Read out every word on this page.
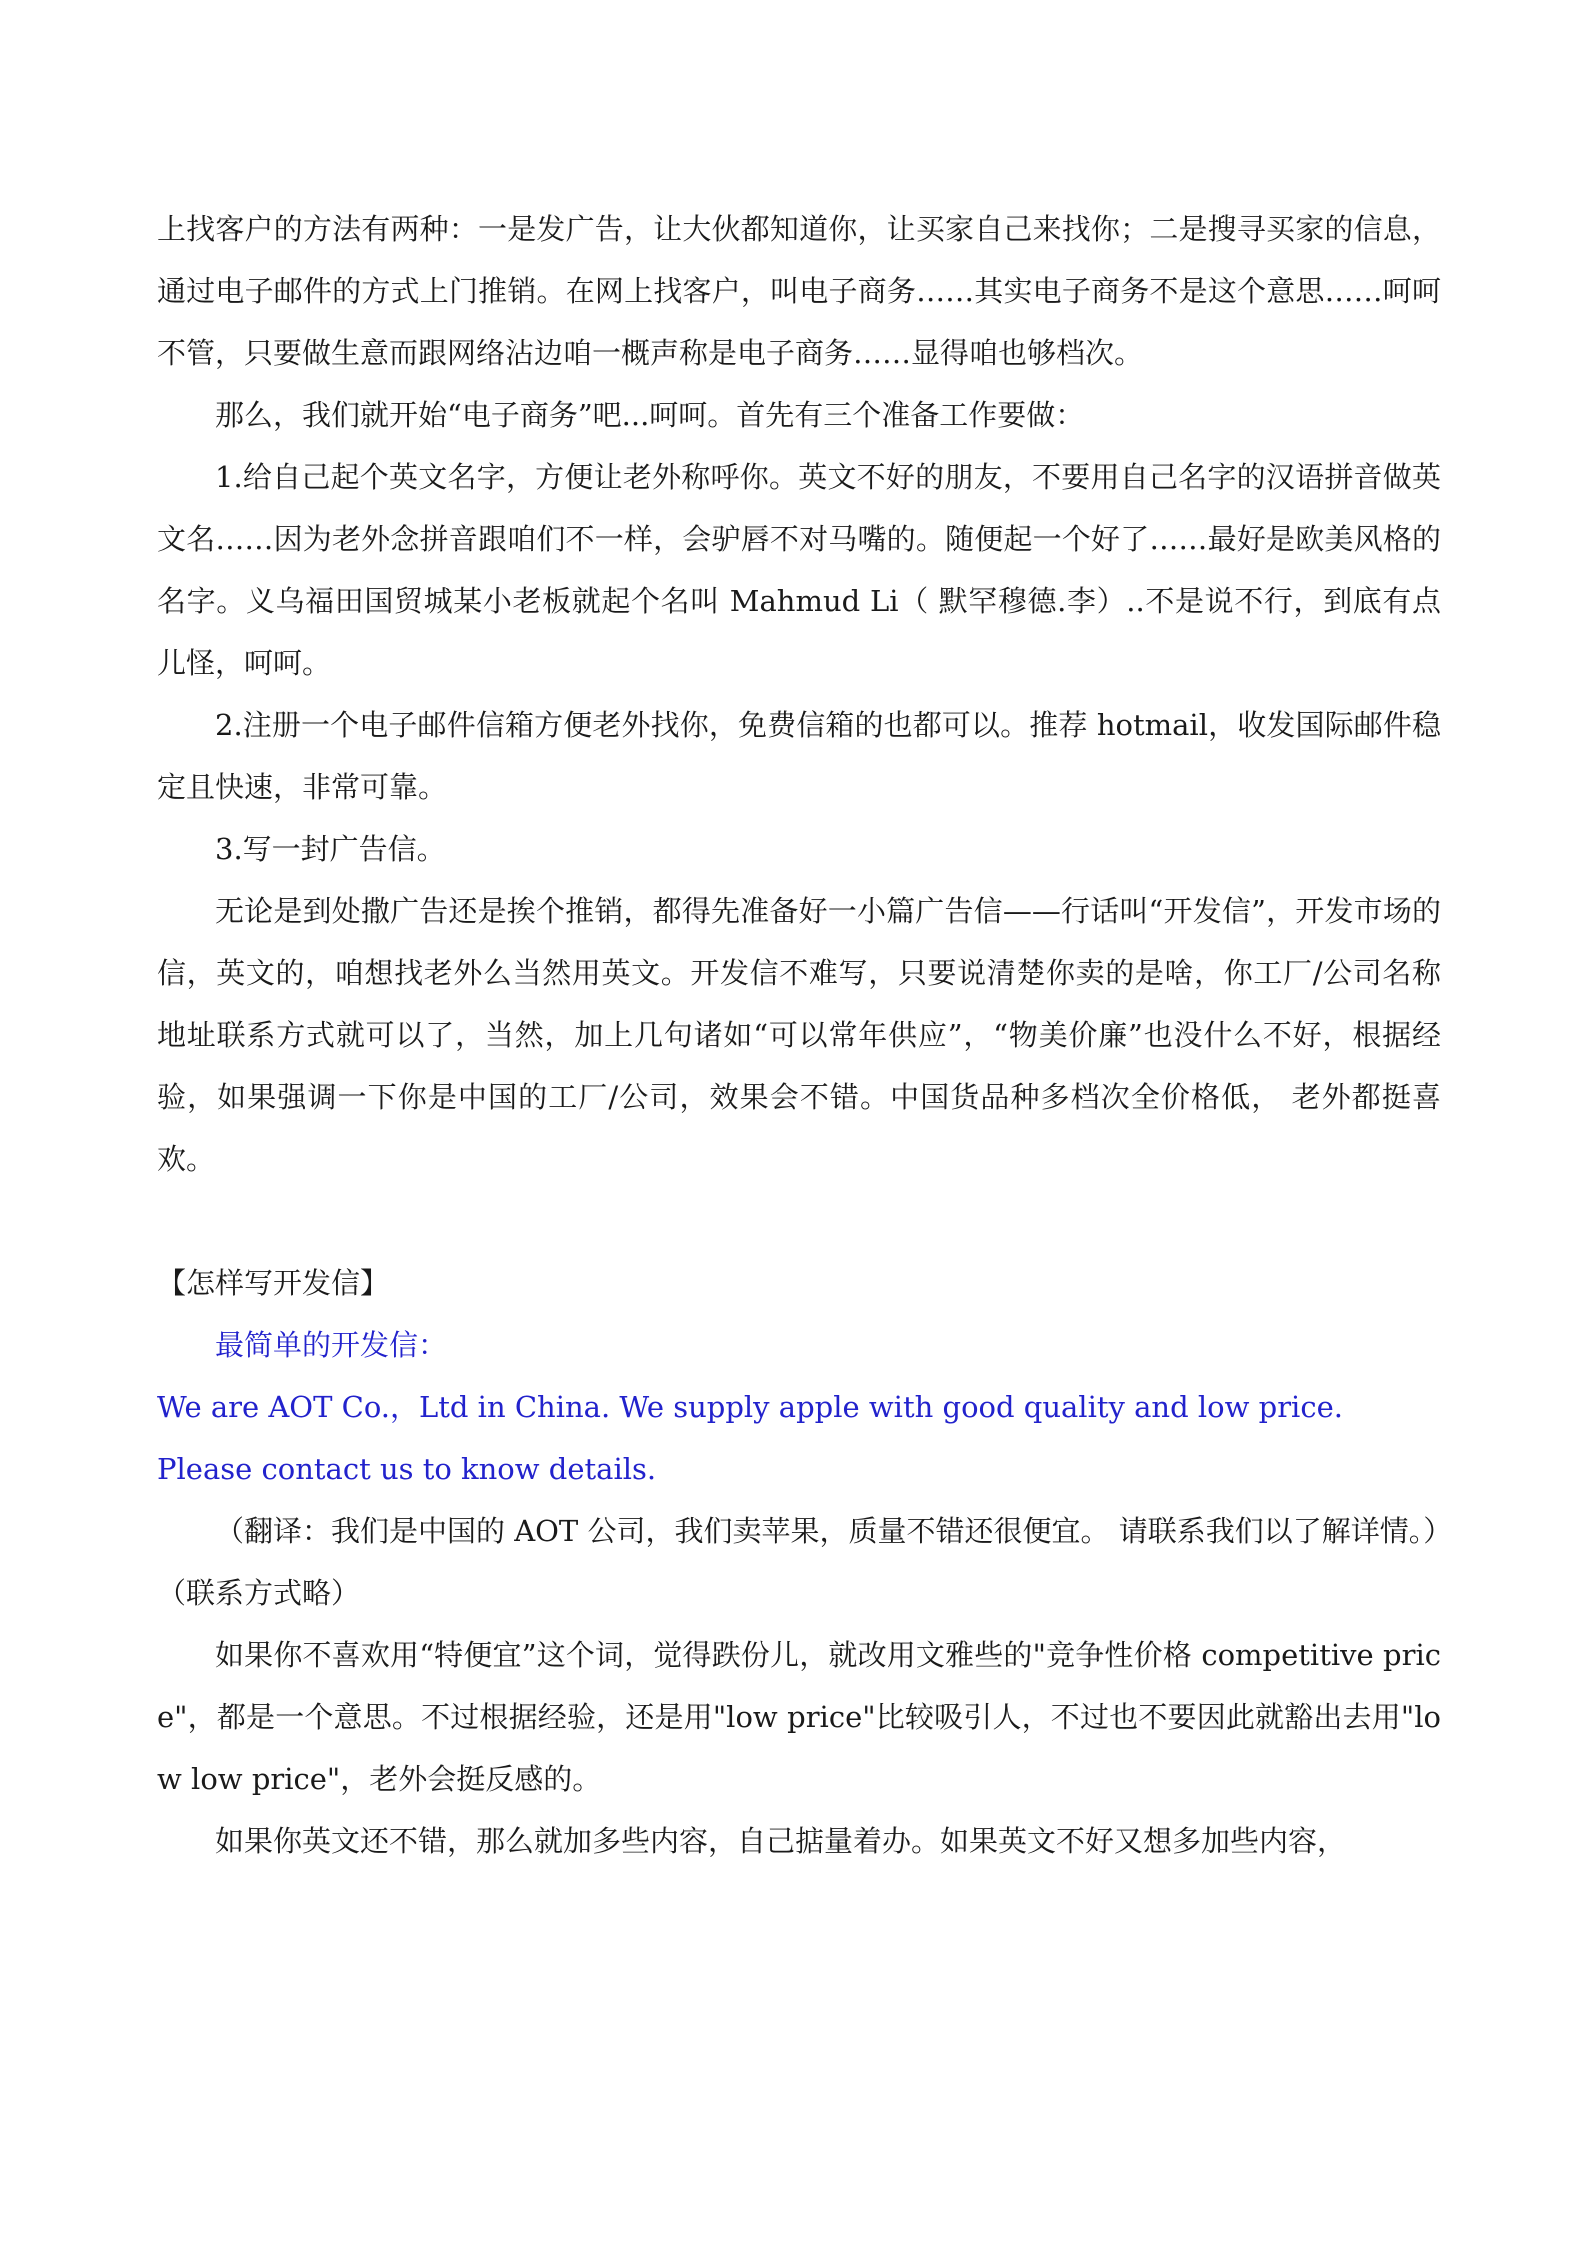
上找客户的方法有两种：一是发广告，让大伙都知道你，让买家自己来找你；二是搜寻买家的信息，通过电子邮件的方式上门推销。在网上找客户，叫电子商务……其实电子商务不是这个意思……呵呵不管，只要做生意而跟网络沾边咱一概声称是电子商务……显得咱也够档次。

那么，我们就开始“电子商务”吧...呵呵。首先有三个准备工作要做：

1.给自己起个英文名字，方便让老外称呼你。英文不好的朋友，不要用自己名字的汉语拼音做英文名……因为老外念拼音跟咱们不一样，会驴唇不对马嘴的。随便起一个好了……最好是欧美风格的名字。义乌福田国贸城某小老板就起个名叫 Mahmud Li（ 默罕穆德.李）..不是说不行，到底有点儿怪，呵呵。

2.注册一个电子邮件信箱方便老外找你，免费信箱的也都可以。推荐 hotmail，收发国际邮件稳定且快速，非常可靠。

3.写一封广告信。

无论是到处撒广告还是挨个推销，都得先准备好一小篇广告信——行话叫“开发信”，开发市场的信，英文的，咱想找老外么当然用英文。开发信不难写，只要说清楚你卖的是啥，你工厂/公司名称地址联系方式就可以了，当然，加上几句诸如“可以常年供应”，“物美价廉”也没什么不好，根据经验，如果强调一下你是中国的工厂/公司，效果会不错。中国货品种多档次全价格低， 老外都挺喜欢。

【怎样写开发信】

最简单的开发信：

We are AOT Co.，Ltd in China. We supply apple with good quality and low price.

Please contact us to know details.

（翻译：我们是中国的 AOT 公司，我们卖苹果，质量不错还很便宜。 请联系我们以了解详情。）

（联系方式略）

如果你不喜欢用“特便宜”这个词，觉得跌份儿，就改用文雅些的"竞争性价格 competitive price"，都是一个意思。不过根据经验，还是用"low price"比较吸引人，不过也不要因此就豁出去用"low low price"，老外会挺反感的。

如果你英文还不错，那么就加多些内容，自己掂量着办。如果英文不好又想多加些内容，
